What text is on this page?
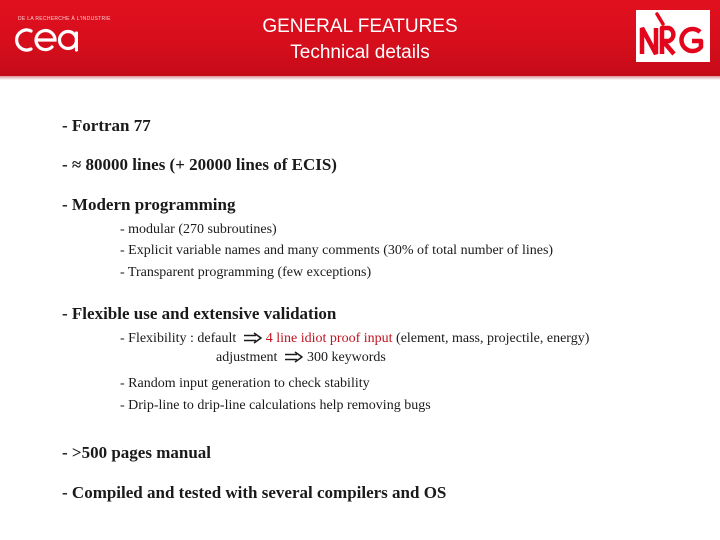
DE LA RECHERCHE À L'INDUSTRIE	GENERAL FEATURES
Technical details
- Fortran 77
- ≈ 80000 lines (+ 20000 lines of ECIS)
- Modern programming
- modular (270 subroutines)
- Explicit variable names and many comments (30% of total number of lines)
- Transparent programming (few exceptions)
- Flexible use and extensive validation
- Flexibility : default 4 line idiot proof input (element, mass, projectile, energy)
adjustment 300 keywords
- Random input generation to check stability
- Drip-line to drip-line calculations help removing bugs
- >500 pages manual
- Compiled and tested with several compilers and OS
